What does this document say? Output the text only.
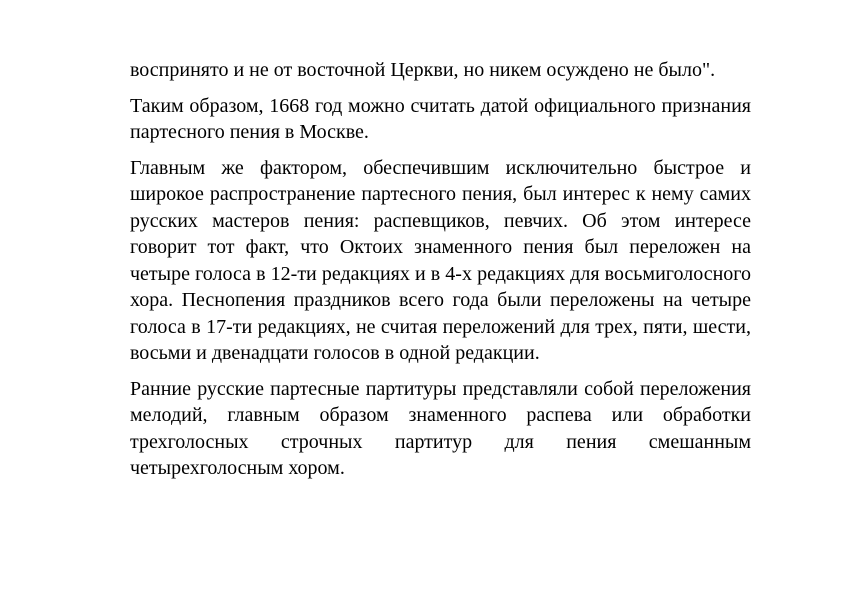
воспринято и не от восточной Церкви, но никем осуждено не было".

Таким образом, 1668 год можно считать датой официального признания партесного пения в Москве.

Главным же фактором, обеспечившим исключительно быстрое и широкое распространение партесного пения, был интерес к нему самих русских мастеров пения: распевщиков, певчих. Об этом интересе говорит тот факт, что Октоих знаменного пения был переложен на четыре голоса в 12-ти редакциях и в 4-х редакциях для восьмиголосного хора. Песнопения праздников всего года были переложены на четыре голоса в 17-ти редакциях, не считая переложений для трех, пяти, шести, восьми и двенадцати голосов в одной редакции.

Ранние русские партесные партитуры представляли собой переложения мелодий, главным образом знаменного распева или обработки трехголосных строчных партитур для пения смешанным четырехголосным хором.
